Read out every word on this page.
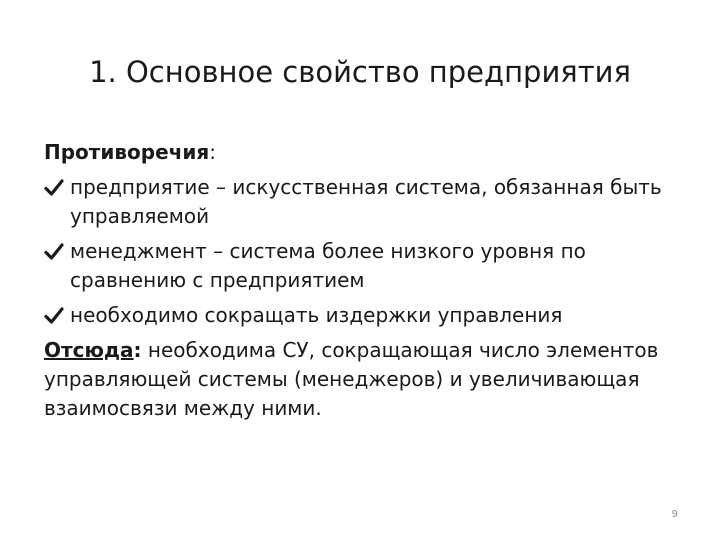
1. Основное свойство предприятия
Противоречия:
предприятие – искусственная система, обязанная быть управляемой
менеджмент – система более низкого уровня по сравнению с предприятием
необходимо сокращать издержки управления
Отсюда: необходима СУ, сокращающая число элементов управляющей системы (менеджеров) и увеличивающая взаимосвязи между ними.
9
